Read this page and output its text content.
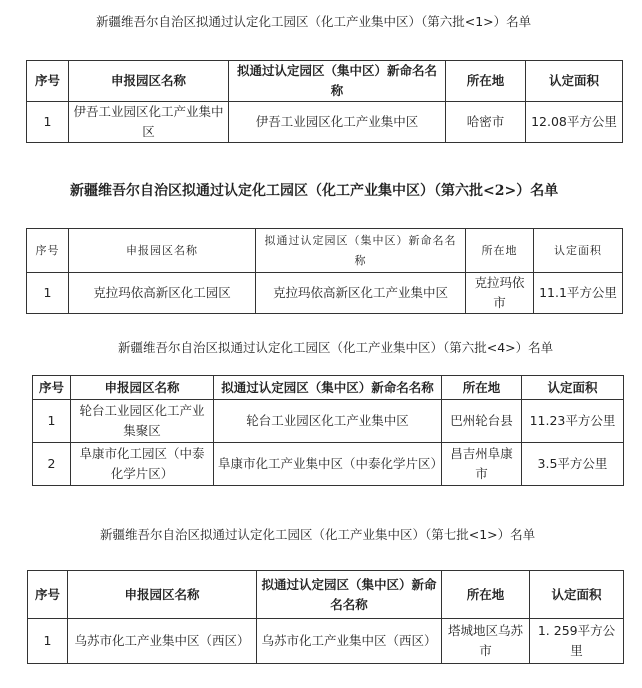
新疆维吾尔自治区拟通过认定化工园区（化工产业集中区）（第六批<1>）名单
序号	申报园区名称	拟通过认定园区（集中区）新命名名称	所在地	认定面积
1	伊吾工业园区化工产业集中区	伊吾工业园区化工产业集中区	哈密市	12.08平方公里
新疆维吾尔自治区拟通过认定化工园区（化工产业集中区）（第六批<2>）名单
序号	申报园区名称	拟通过认定园区（集中区）新命名名称	所在地	认定面积
1	克拉玛依高新区化工园区	克拉玛依高新区化工产业集中区	克拉玛依市	11.1平方公里
新疆维吾尔自治区拟通过认定化工园区（化工产业集中区）（第六批<4>）名单
序号	申报园区名称	拟通过认定园区（集中区）新命名名称	所在地	认定面积
1	轮台工业园区化工产业集聚区	轮台工业园区化工产业集中区	巴州轮台县	11.23平方公里
2	阜康市化工园区（中泰化学片区）	阜康市化工产业集中区（中泰化学片区）	昌吉州阜康市	3.5平方公里
新疆维吾尔自治区拟通过认定化工园区（化工产业集中区）（第七批<1>）名单
序号	申报园区名称	拟通过认定园区（集中区）新命名名称	所在地	认定面积
1	乌苏市化工产业集中区（西区）	乌苏市化工产业集中区（西区）	塔城地区乌苏市	1. 259平方公里
